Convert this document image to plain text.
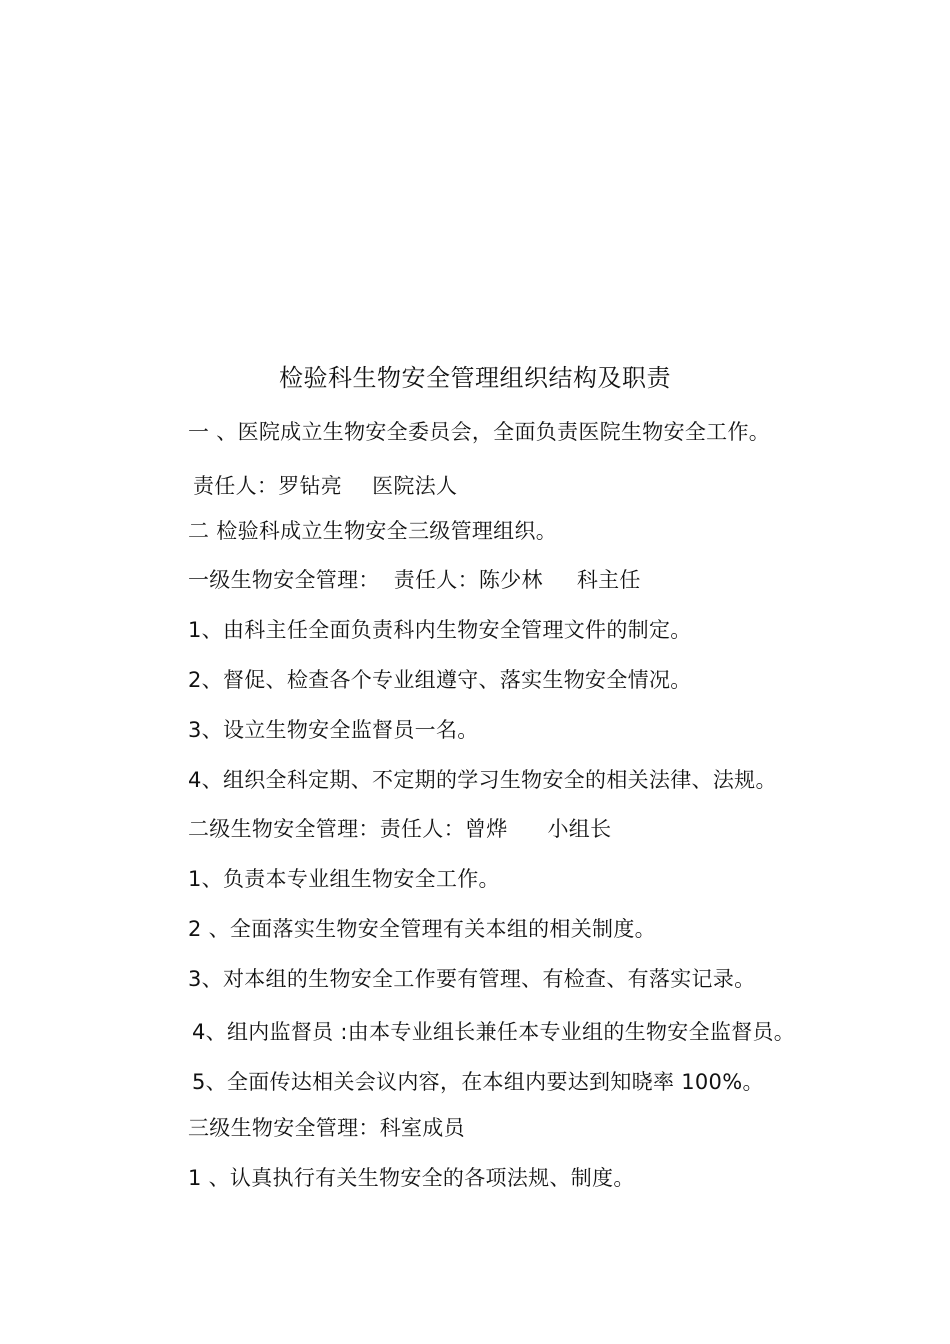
检验科生物安全管理组织结构及职责
一 、医院成立生物安全委员会，全面负责医院生物安全工作。
责任人：罗钻亮 医院法人
二 检验科成立生物安全三级管理组织。
一级生物安全管理： 责任人：陈少林 科主任
1、由科主任全面负责科内生物安全管理文件的制定。
2、督促、检查各个专业组遵守、落实生物安全情况。
3、设立生物安全监督员一名。
4、组织全科定期、不定期的学习生物安全的相关法律、法规。
二级生物安全管理：责任人：曾烨 小组长
1、负责本专业组生物安全工作。
2 、全面落实生物安全管理有关本组的相关制度。
3、对本组的生物安全工作要有管理、有检查、有落实记录。
4、组内监督员 :由本专业组长兼任本专业组的生物安全监督员。
5、全面传达相关会议内容，在本组内要达到知晓率 100%。
三级生物安全管理：科室成员
1 、认真执行有关生物安全的各项法规、制度。
